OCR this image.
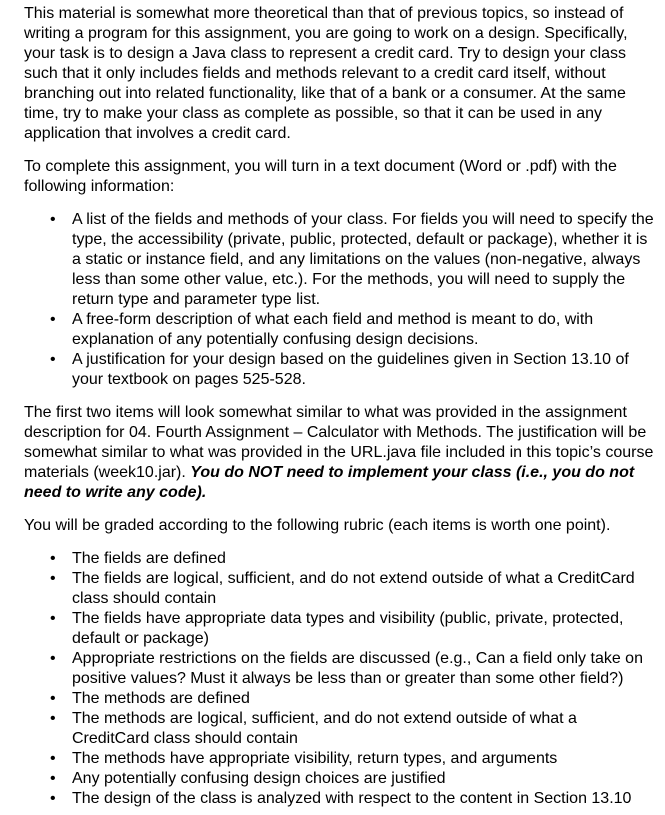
This material is somewhat more theoretical than that of previous topics, so instead of writing a program for this assignment, you are going to work on a design. Specifically, your task is to design a Java class to represent a credit card. Try to design your class such that it only includes fields and methods relevant to a credit card itself, without branching out into related functionality, like that of a bank or a consumer. At the same time, try to make your class as complete as possible, so that it can be used in any application that involves a credit card.

To complete this assignment, you will turn in a text document (Word or .pdf) with the following information:

• A list of the fields and methods of your class. For fields you will need to specify the type, the accessibility (private, public, protected, default or package), whether it is a static or instance field, and any limitations on the values (non-negative, always less than some other value, etc.). For the methods, you will need to supply the return type and parameter type list.
• A free-form description of what each field and method is meant to do, with explanation of any potentially confusing design decisions.
• A justification for your design based on the guidelines given in Section 13.10 of your textbook on pages 525-528.

The first two items will look somewhat similar to what was provided in the assignment description for 04. Fourth Assignment – Calculator with Methods. The justification will be somewhat similar to what was provided in the URL.java file included in this topic’s course materials (week10.jar). You do NOT need to implement your class (i.e., you do not need to write any code).

You will be graded according to the following rubric (each items is worth one point).

• The fields are defined
• The fields are logical, sufficient, and do not extend outside of what a CreditCard class should contain
• The fields have appropriate data types and visibility (public, private, protected, default or package)
• Appropriate restrictions on the fields are discussed (e.g., Can a field only take on positive values? Must it always be less than or greater than some other field?)
• The methods are defined
• The methods are logical, sufficient, and do not extend outside of what a CreditCard class should contain
• The methods have appropriate visibility, return types, and arguments
• Any potentially confusing design choices are justified
• The design of the class is analyzed with respect to the content in Section 13.10
